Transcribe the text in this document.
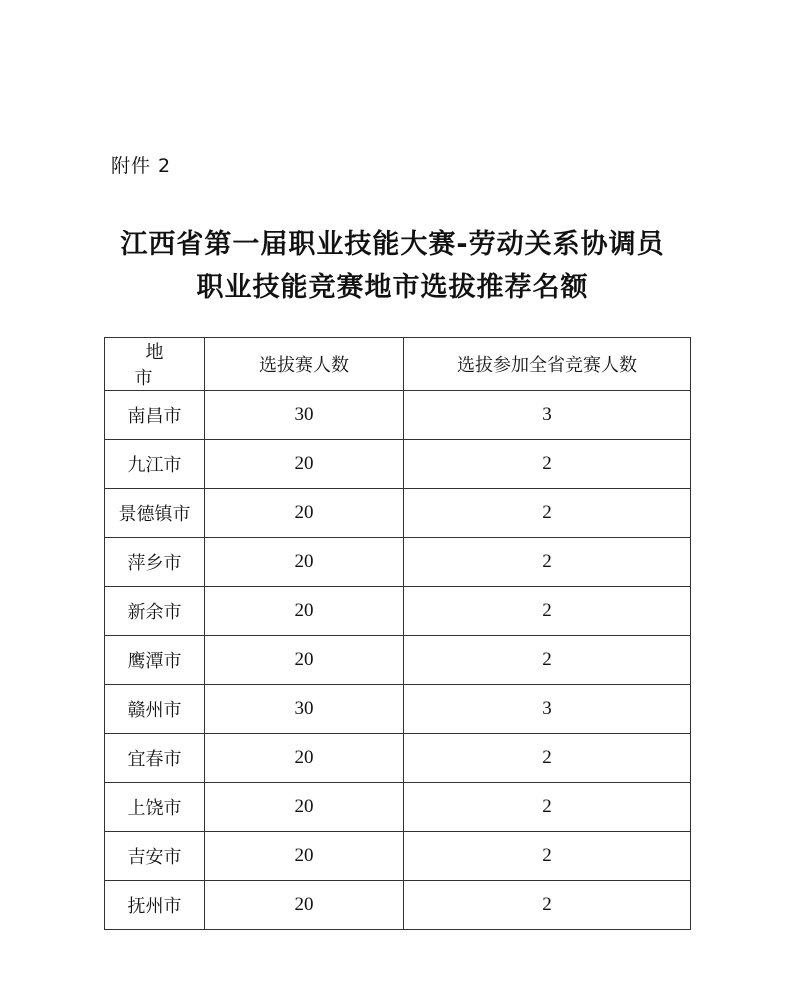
附件 2
江西省第一届职业技能大赛-劳动关系协调员
职业技能竞赛地市选拔推荐名额
地市	选拔赛人数	选拔参加全省竞赛人数
南昌市	30	3
九江市	20	2
景德镇市	20	2
萍乡市	20	2
新余市	20	2
鹰潭市	20	2
赣州市	30	3
宜春市	20	2
上饶市	20	2
吉安市	20	2
抚州市	20	2
